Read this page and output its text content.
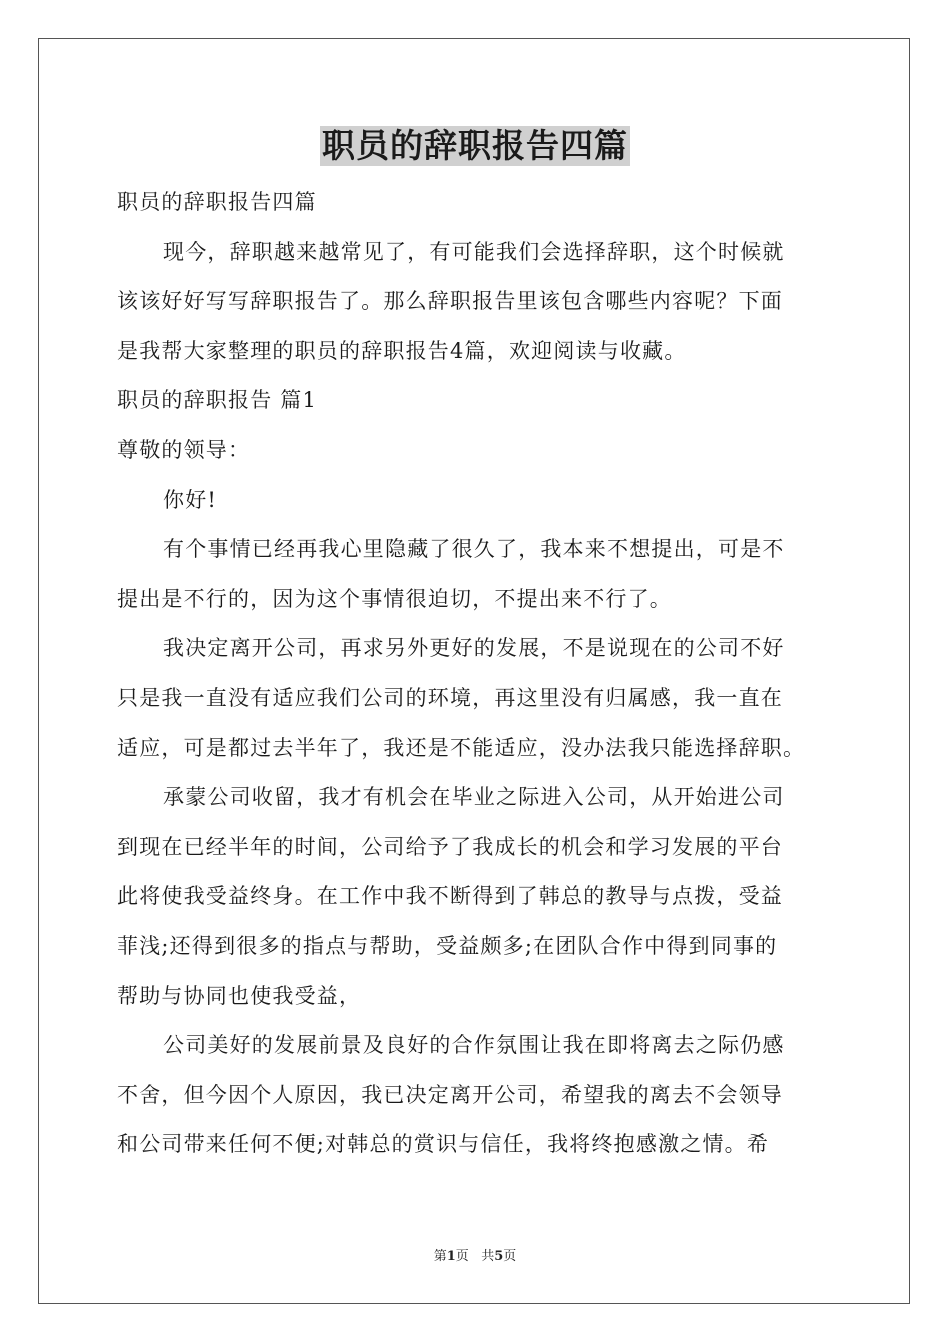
职员的辞职报告四篇
职员的辞职报告四篇
现今，辞职越来越常见了，有可能我们会选择辞职，这个时候就
该该好好写写辞职报告了。那么辞职报告里该包含哪些内容呢？下面
是我帮大家整理的职员的辞职报告4篇，欢迎阅读与收藏。
职员的辞职报告 篇1
尊敬的领导：
你好!
有个事情已经再我心里隐藏了很久了，我本来不想提出，可是不
提出是不行的，因为这个事情很迫切，不提出来不行了。
我决定离开公司，再求另外更好的发展，不是说现在的公司不好
只是我一直没有适应我们公司的环境，再这里没有归属感，我一直在
适应，可是都过去半年了，我还是不能适应，没办法我只能选择辞职。
承蒙公司收留，我才有机会在毕业之际进入公司，从开始进公司
到现在已经半年的时间，公司给予了我成长的机会和学习发展的平台
此将使我受益终身。在工作中我不断得到了韩总的教导与点拨，受益
菲浅;还得到很多的指点与帮助，受益颇多;在团队合作中得到同事的
帮助与协同也使我受益，
公司美好的发展前景及良好的合作氛围让我在即将离去之际仍感
不舍，但今因个人原因，我已决定离开公司，希望我的离去不会领导
和公司带来任何不便;对韩总的赏识与信任，我将终抱感激之情。希
第1页 共5页
